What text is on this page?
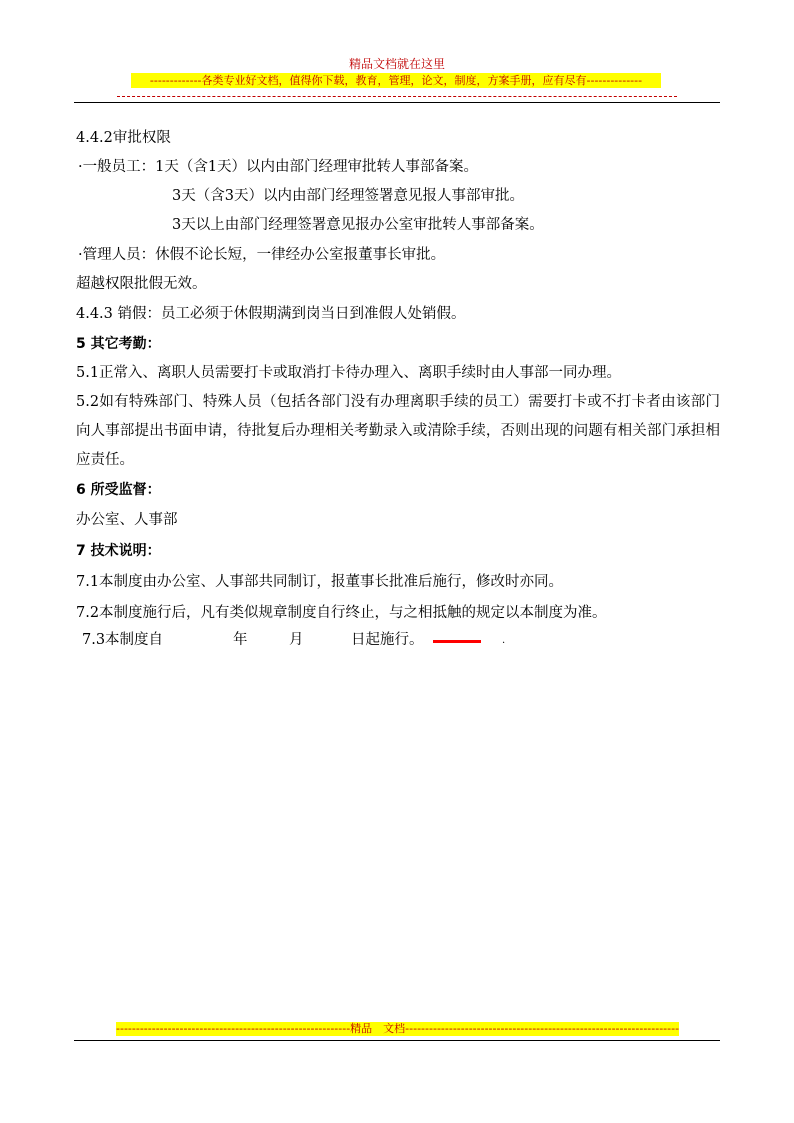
精品文档就在这里
-------------各类专业好文档，值得你下载，教育，管理，论文，制度，方案手册，应有尽有--------------
4.4.2审批权限
·一般员工：1天（含1天）以内由部门经理审批转人事部备案。
3天（含3天）以内由部门经理签署意见报人事部审批。
3天以上由部门经理签署意见报办公室审批转人事部备案。
·管理人员：休假不论长短，一律经办公室报董事长审批。
超越权限批假无效。
4.4.3 销假：员工必须于休假期满到岗当日到准假人处销假。
5 其它考勤：
5.1正常入、离职人员需要打卡或取消打卡待办理入、离职手续时由人事部一同办理。
5.2如有特殊部门、特殊人员（包括各部门没有办理离职手续的员工）需要打卡或不打卡者由该部门向人事部提出书面申请，待批复后办理相关考勤录入或清除手续，否则出现的问题有相关部门承担相应责任。
6 所受监督：
办公室、人事部
7 技术说明：
7.1本制度由办公室、人事部共同制订，报董事长批准后施行，修改时亦同。
7.2本制度施行后，凡有类似规章制度自行终止，与之相抵触的规定以本制度为准。
7.3本制度自	年	月	日起施行。	.
-----------------------------------------------------------精品　文档---------------------------------------------------------------------
